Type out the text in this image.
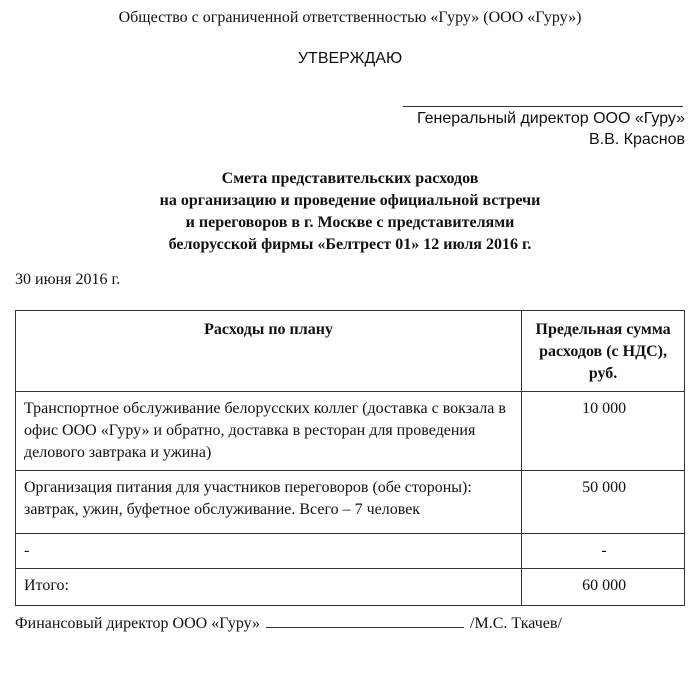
Общество с ограниченной ответственностью «Гуру» (ООО «Гуру»)
УТВЕРЖДАЮ
Генеральный директор ООО «Гуру»
В.В. Краснов
Смета представительских расходов
на организацию и проведение официальной встречи
и переговоров в г. Москве с представителями
белорусской фирмы «Белтрест 01» 12 июля 2016 г.
30 июня 2016 г.
Расходы по плану	Предельная сумма расходов (с НДС), руб.
Транспортное обслуживание белорусских коллег (доставка с вокзала в офис ООО «Гуру» и обратно, доставка в ресторан для проведения делового завтрака и ужина)	10 000
Организация питания для участников переговоров (обе стороны): завтрак, ужин, буфетное обслуживание. Всего – 7 человек	50 000
-	-
Итого:	60 000
Финансовый директор ООО «Гуру»	/М.С. Ткачев/
